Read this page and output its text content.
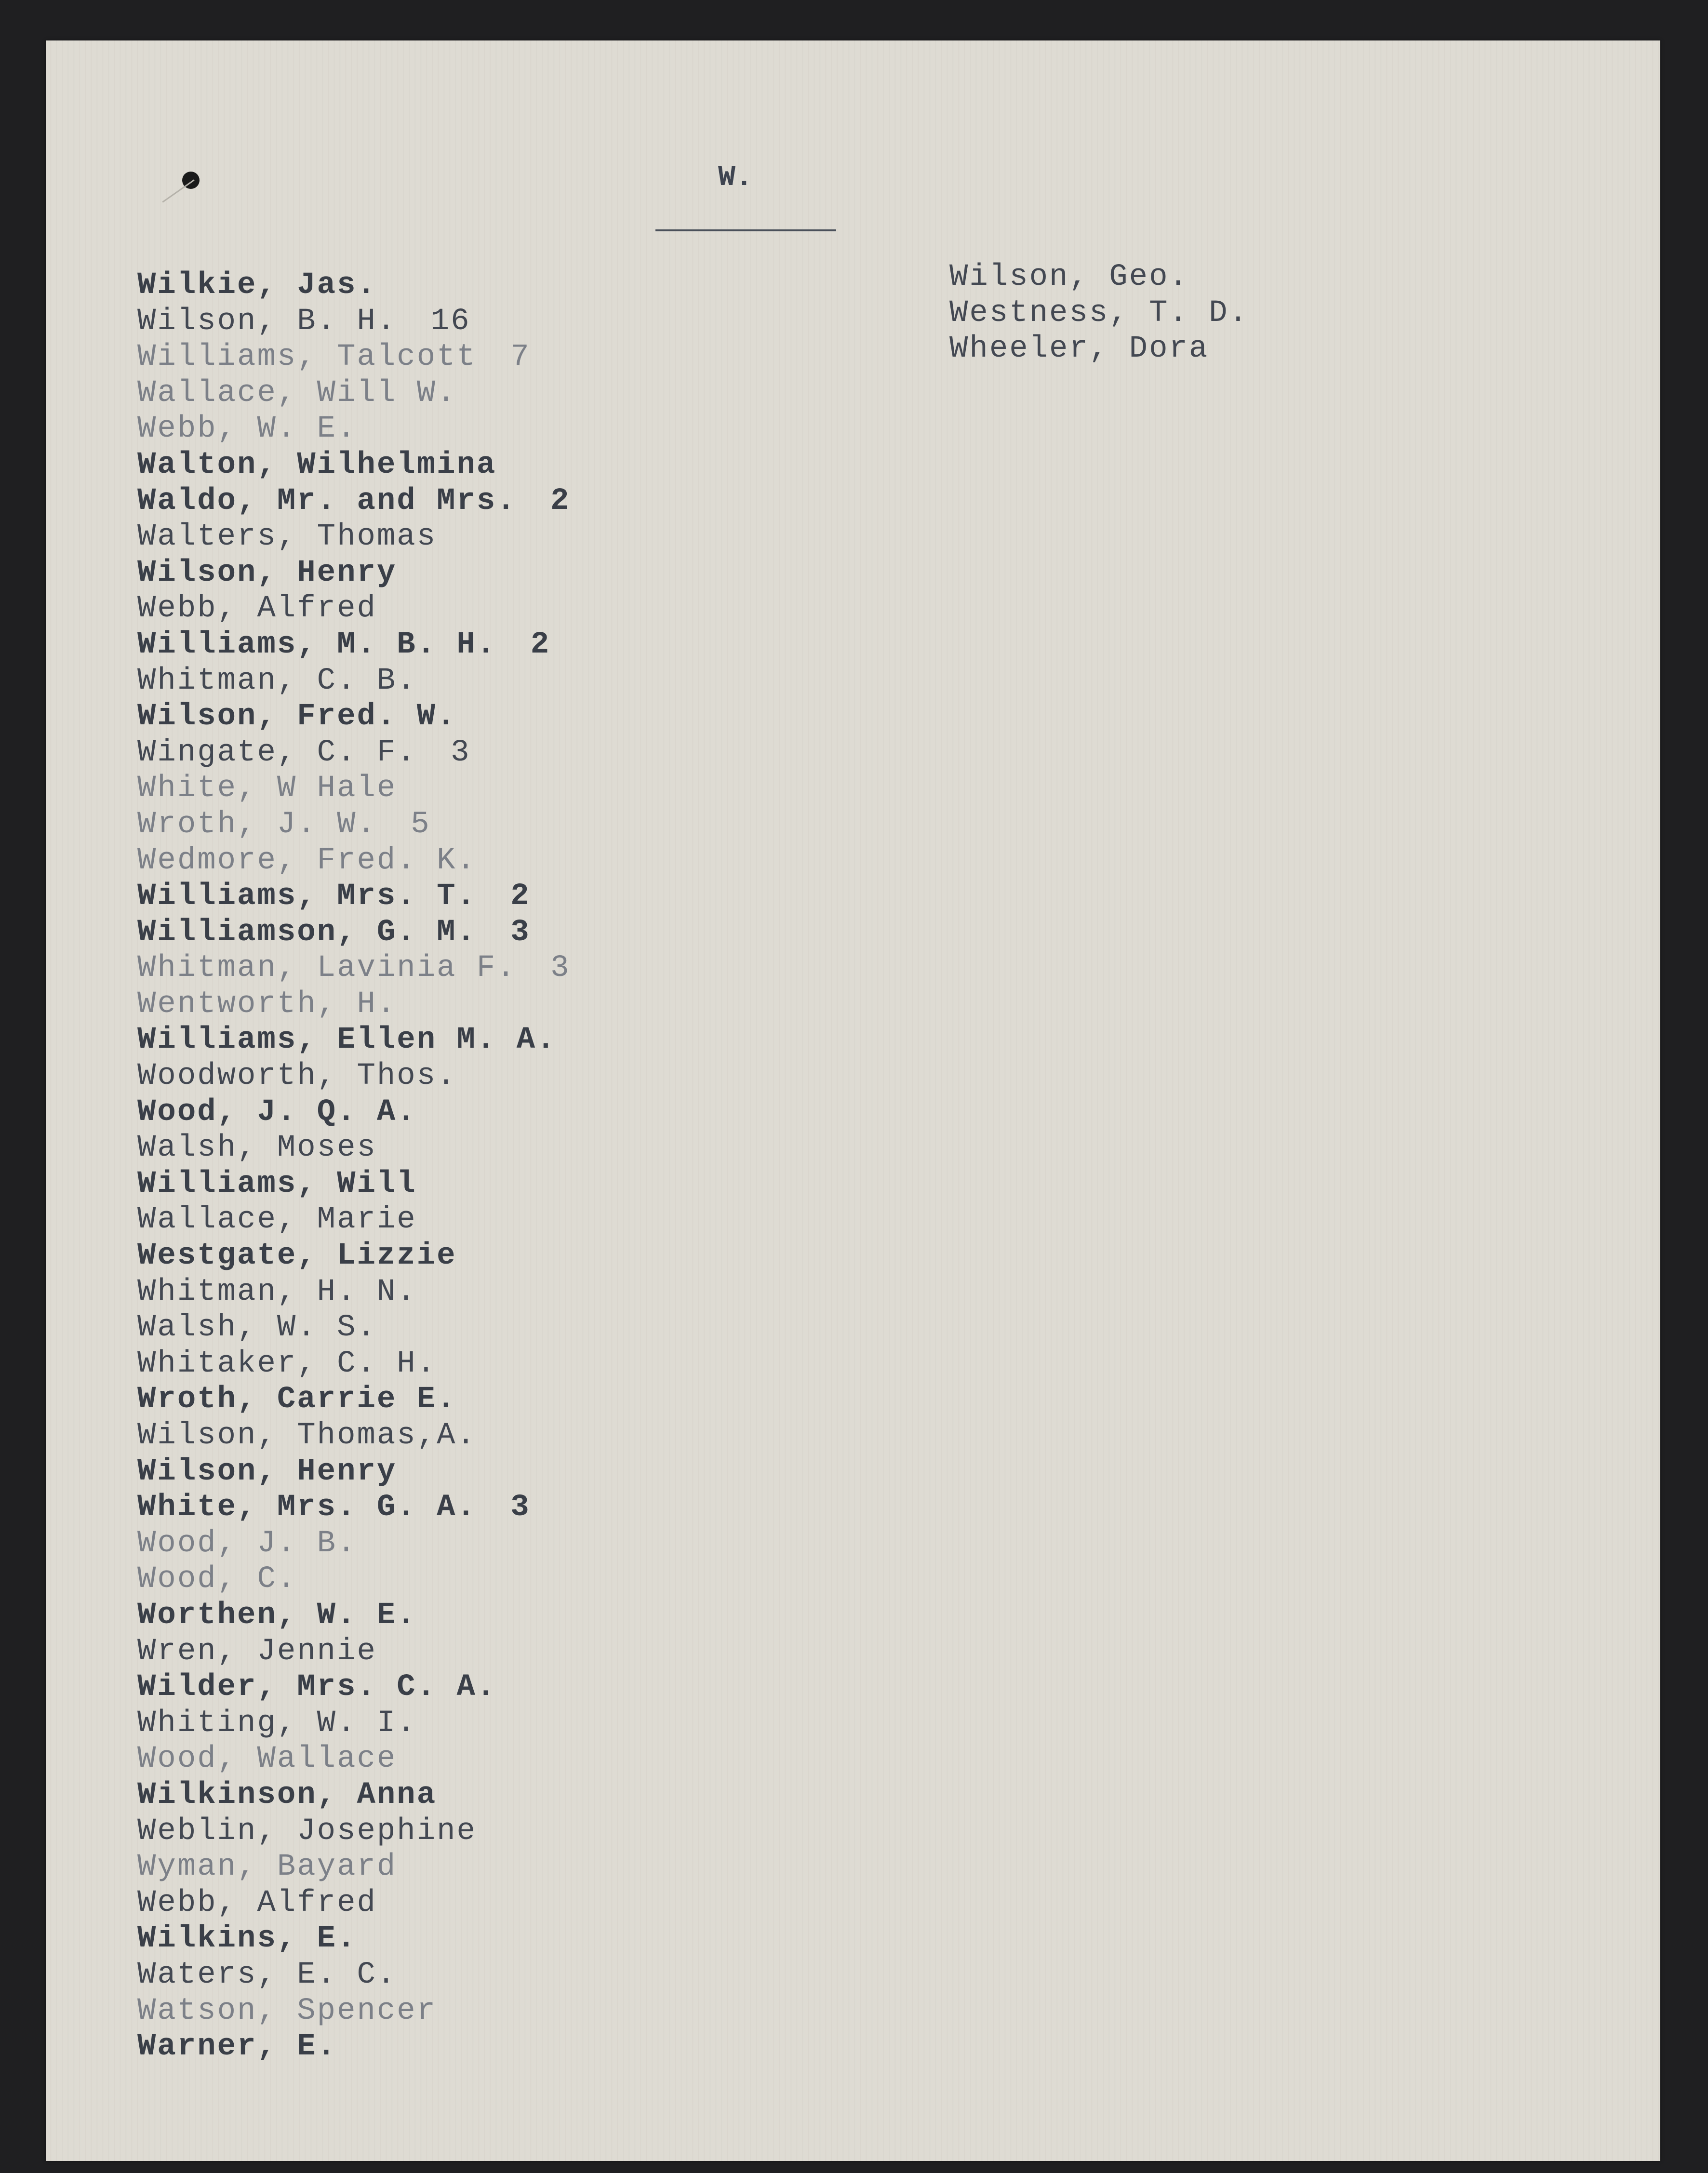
W.
Wilkie, Jas.
Wilson, B. H. 16
Williams, Talcott 7
Wallace, Will W.
Webb, W. E.
Walton, Wilhelmina
Waldo, Mr. and Mrs. 2
Walters, Thomas
Wilson, Henry
Webb, Alfred
Williams, M. B. H. 2
Whitman, C. B.
Wilson, Fred. W.
Wingate, C. F. 3
White, W Hale
Wroth, J. W. 5
Wedmore, Fred. K.
Williams, Mrs. T. 2
Williamson, G. M. 3
Whitman, Lavinia F. 3
Wentworth, H.
Williams, Ellen M. A.
Woodworth, Thos.
Wood, J. Q. A.
Walsh, Moses
Williams, Will
Wallace, Marie
Westgate, Lizzie
Whitman, H. N.
Walsh, W. S.
Whitaker, C. H.
Wroth, Carrie E.
Wilson, Thomas,A.
Wilson, Henry
White, Mrs. G. A. 3
Wood, J. B.
Wood, C.
Worthen, W. E.
Wren, Jennie
Wilder, Mrs. C. A.
Whiting, W. I.
Wood, Wallace
Wilkinson, Anna
Weblin, Josephine
Wyman, Bayard
Webb, Alfred
Wilkins, E.
Waters, E. C.
Watson, Spencer
Warner, E.
Wilson, Geo.
Westness, T. D.
Wheeler, Dora
